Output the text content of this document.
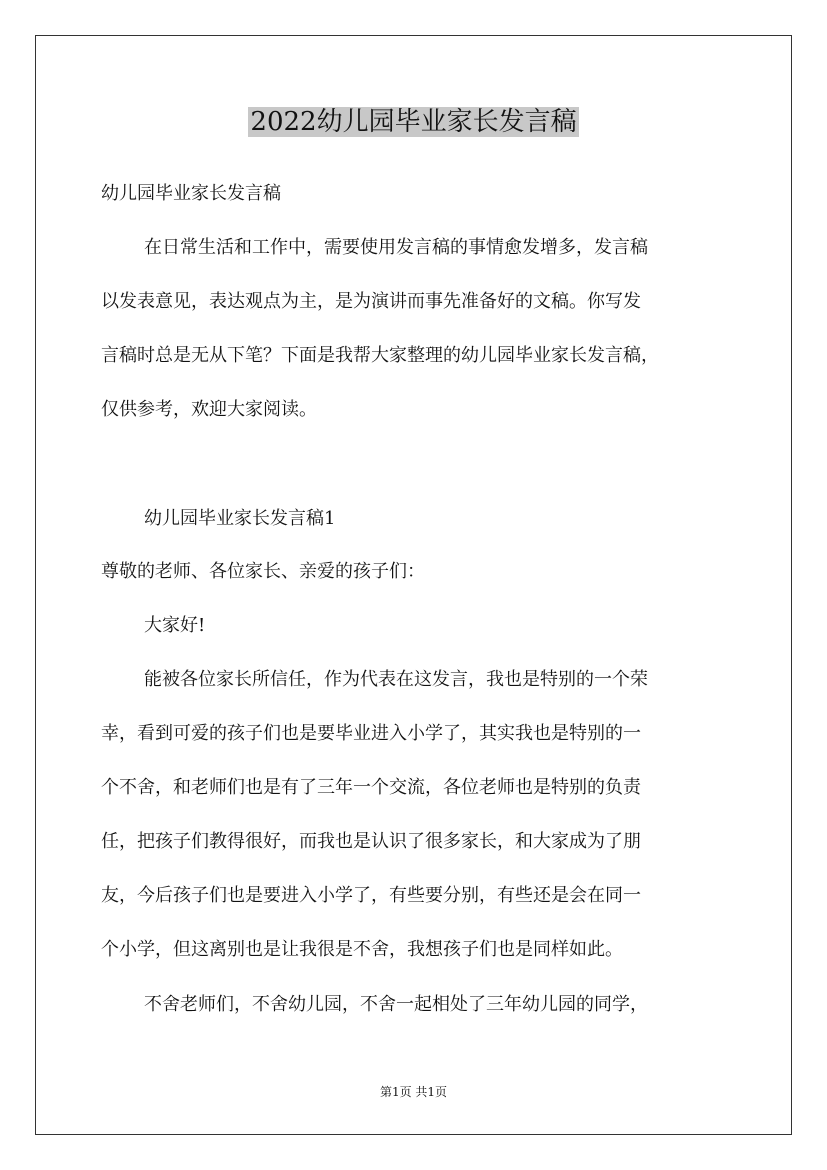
2022幼儿园毕业家长发言稿
幼儿园毕业家长发言稿
在日常生活和工作中，需要使用发言稿的事情愈发增多，发言稿
以发表意见，表达观点为主，是为演讲而事先准备好的文稿。你写发
言稿时总是无从下笔？下面是我帮大家整理的幼儿园毕业家长发言稿，
仅供参考，欢迎大家阅读。
幼儿园毕业家长发言稿1
尊敬的老师、各位家长、亲爱的孩子们：
大家好!
能被各位家长所信任，作为代表在这发言，我也是特别的一个荣
幸，看到可爱的孩子们也是要毕业进入小学了，其实我也是特别的一
个不舍，和老师们也是有了三年一个交流，各位老师也是特别的负责
任，把孩子们教得很好，而我也是认识了很多家长，和大家成为了朋
友，今后孩子们也是要进入小学了，有些要分别，有些还是会在同一
个小学，但这离别也是让我很是不舍，我想孩子们也是同样如此。
不舍老师们，不舍幼儿园，不舍一起相处了三年幼儿园的同学，
第1页 共1页
